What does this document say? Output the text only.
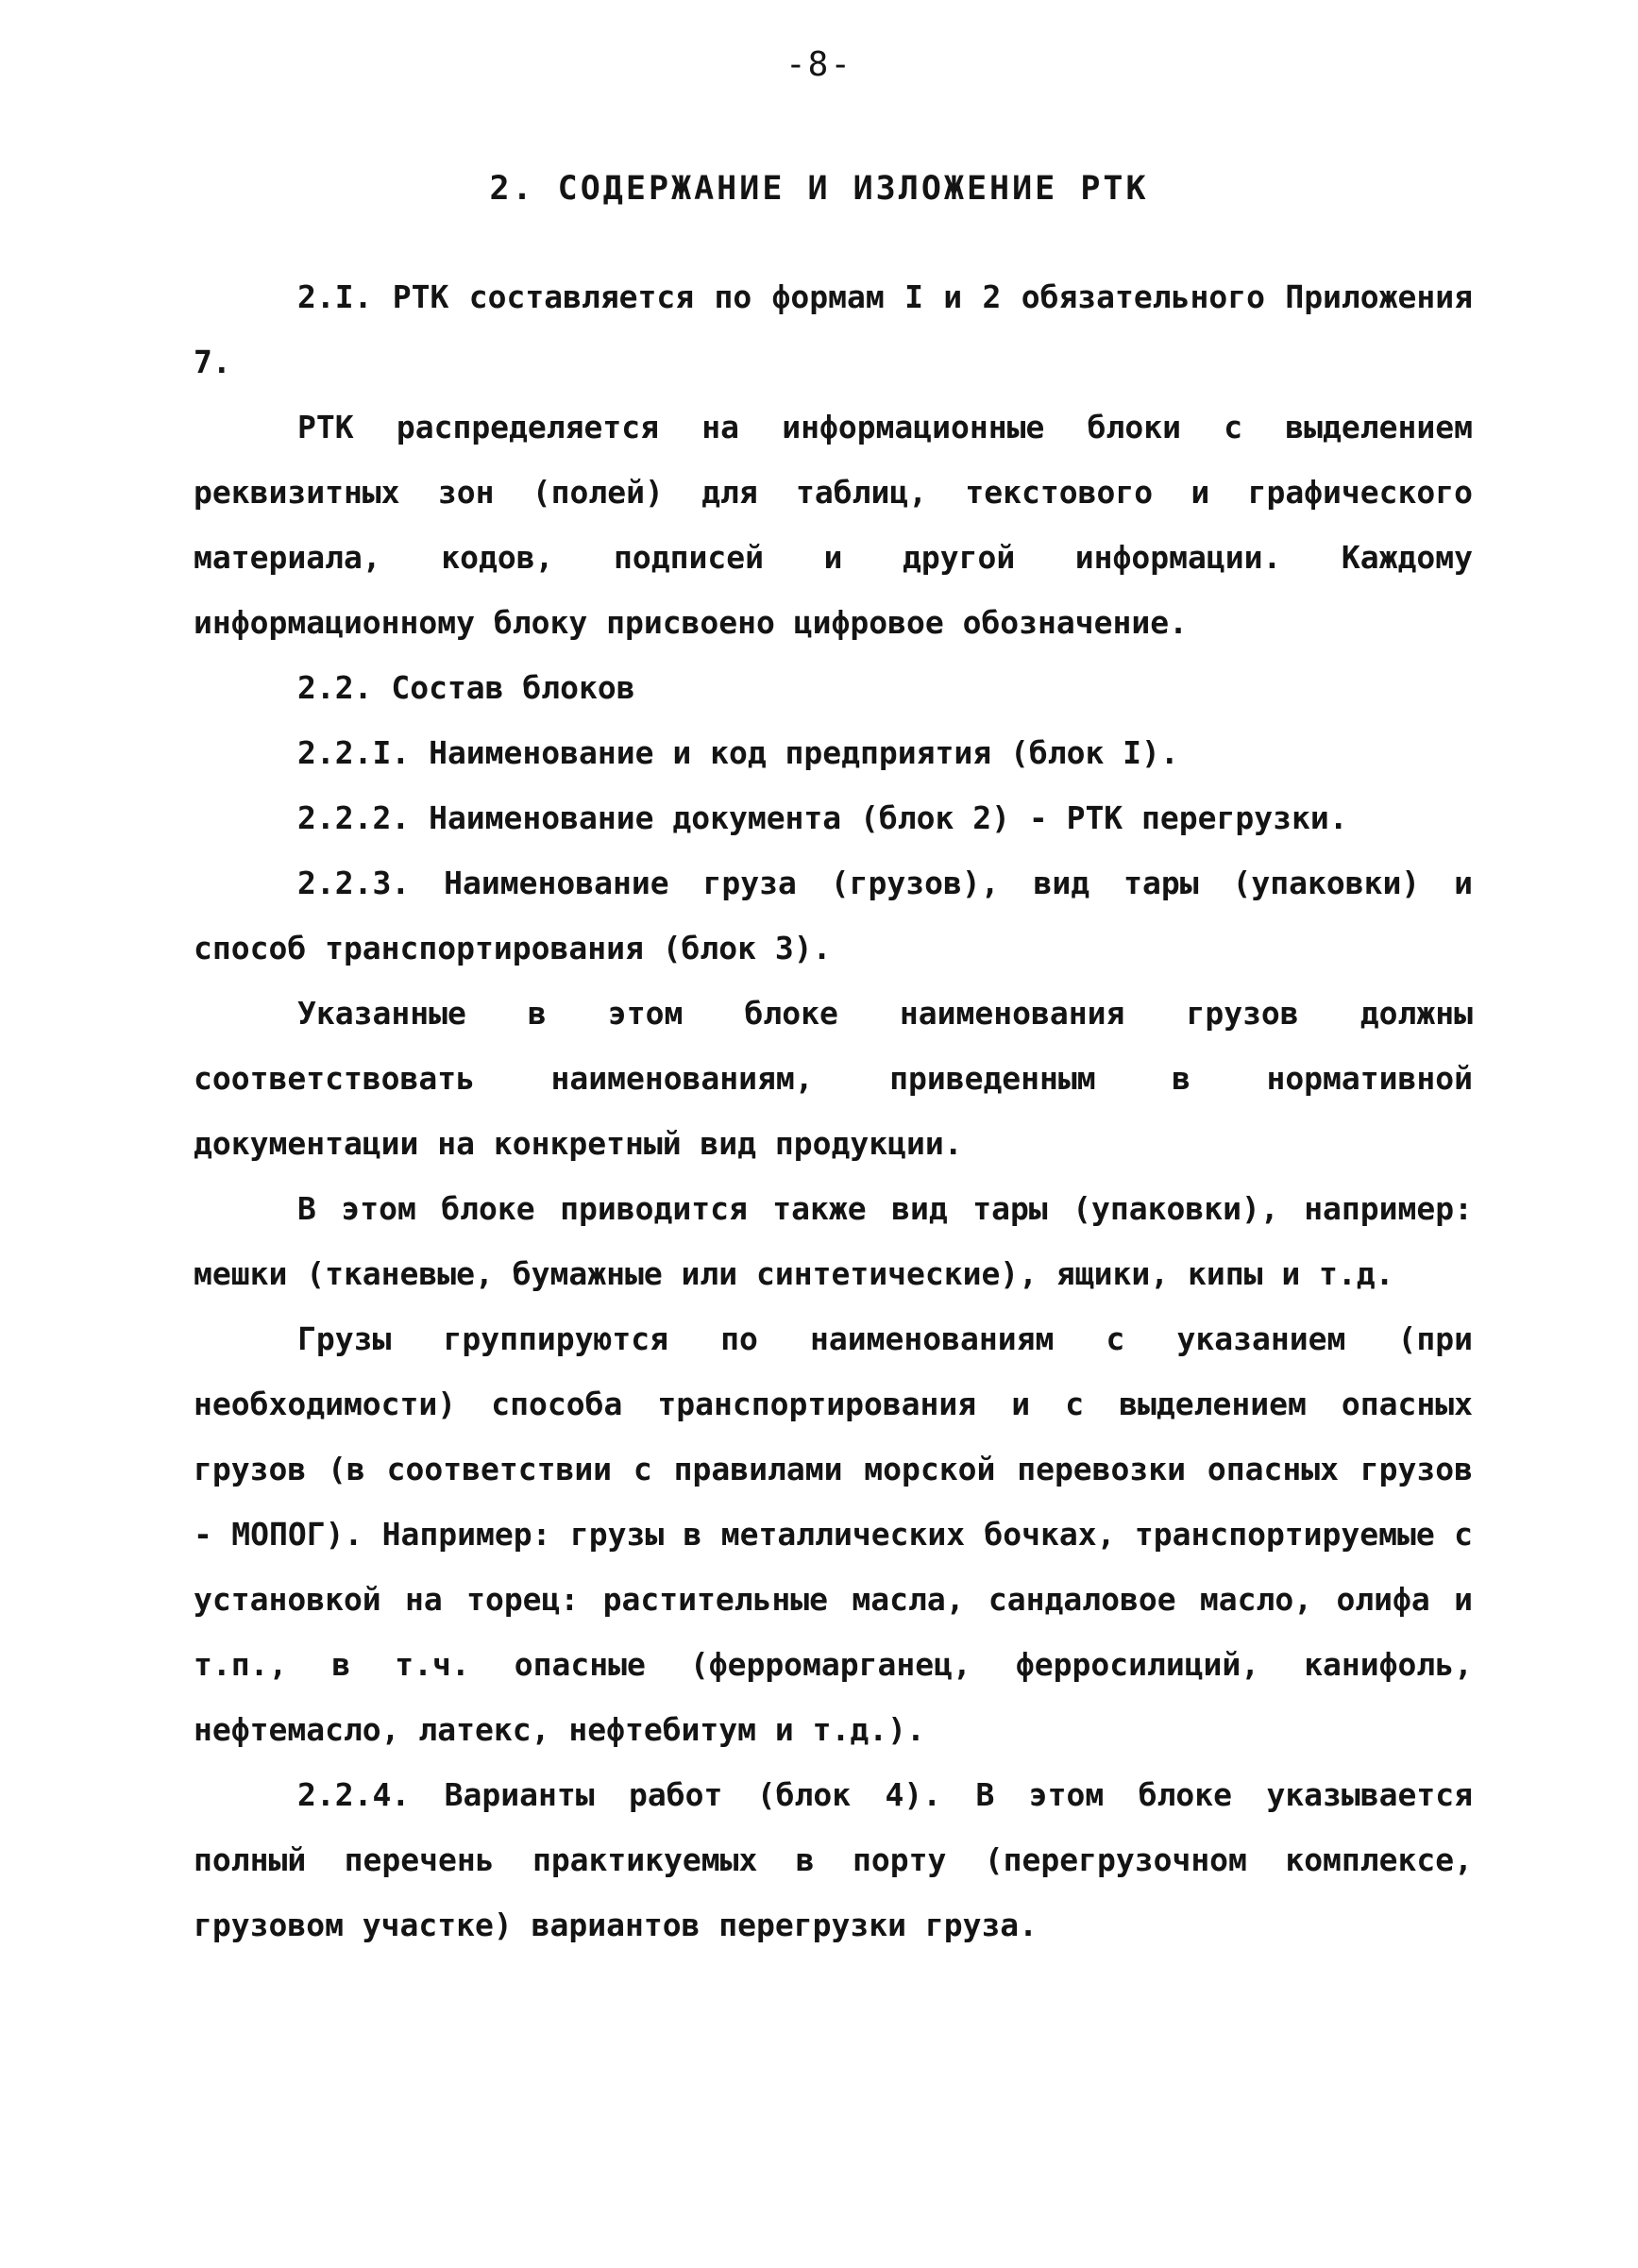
-8-
2. СОДЕРЖАНИЕ И ИЗЛОЖЕНИЕ РТК

2.I. РТК составляется по формам I и 2 обязательного Приложения 7.

РТК распределяется на информационные блоки с выделением реквизитных зон (полей) для таблиц, текстового и графического материала, кодов, подписей и другой информации. Каждому информационному блоку присвоено цифровое обозначение.

2.2. Состав блоков

2.2.I. Наименование и код предприятия (блок I).

2.2.2. Наименование документа (блок 2) - РТК перегрузки.

2.2.3. Наименование груза (грузов), вид тары (упаковки) и способ транспортирования (блок 3).

Указанные в этом блоке наименования грузов должны соответствовать наименованиям, приведенным в нормативной документации на конкретный вид продукции.

В этом блоке приводится также вид тары (упаковки), например: мешки (тканевые, бумажные или синтетические), ящики, кипы и т.д.

Грузы группируются по наименованиям с указанием (при необходимости) способа транспортирования и с выделением опасных грузов (в соответствии с правилами морской перевозки опасных грузов - МОПОГ). Например: грузы в металлических бочках, транспортируемые с установкой на торец: растительные масла, сандаловое масло, олифа и т.п., в т.ч. опасные (ферромарганец, ферросилиций, канифоль, нефтемасло, латекс, нефтебитум и т.д.).

2.2.4. Варианты работ (блок 4). В этом блоке указывается полный перечень практикуемых в порту (перегрузочном комплексе, грузовом участке) вариантов перегрузки груза.
